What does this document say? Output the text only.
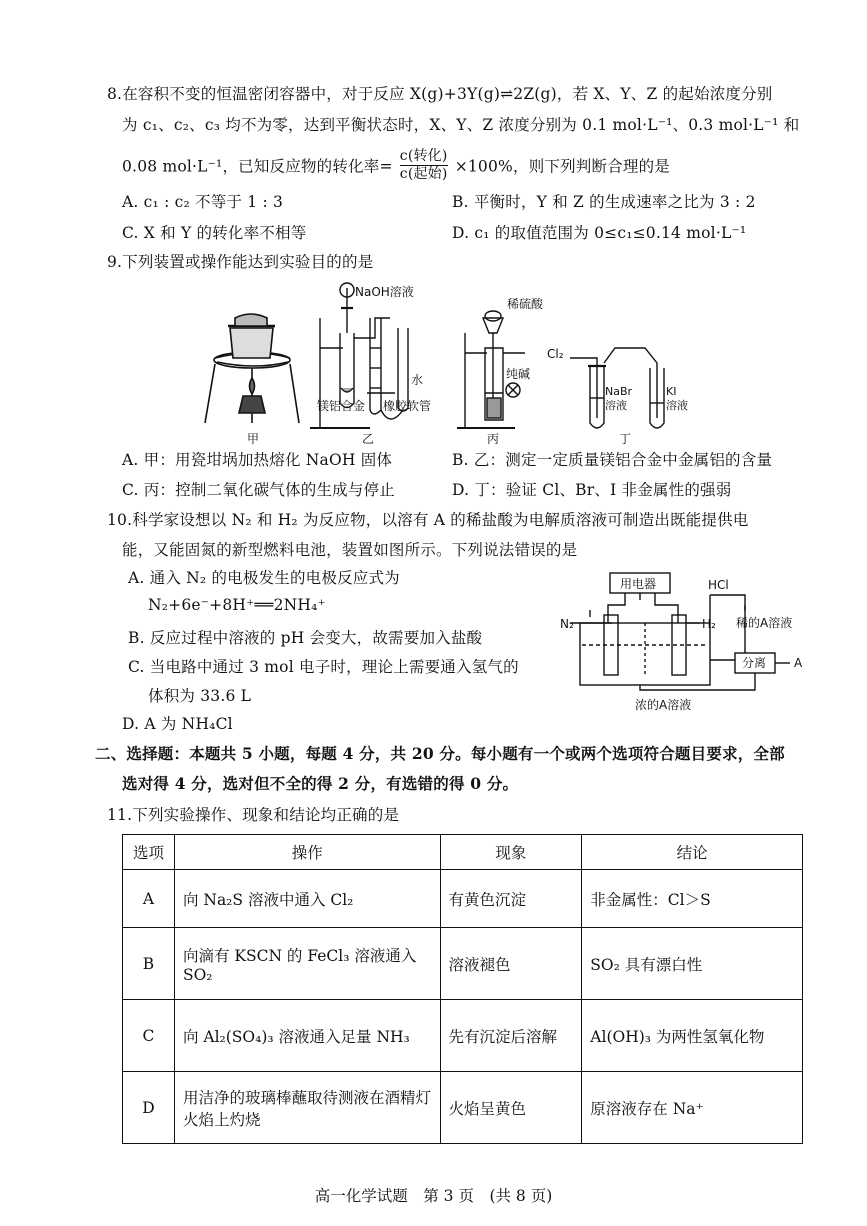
8.在容积不变的恒温密闭容器中，对于反应 X(g)+3Y(g)⇌2Z(g)，若 X、Y、Z 的起始浓度分别
为 c₁、c₂、c₃ 均不为零，达到平衡状态时，X、Y、Z 浓度分别为 0.1 mol·L⁻¹、0.3 mol·L⁻¹ 和
0.08 mol·L⁻¹，已知反应物的转化率=
c(转化)
c(起始) ×100%，则下列判断合理的是
A. c₁ : c₂ 不等于 1 : 3	B. 平衡时，Y 和 Z 的生成速率之比为 3 : 2
C. X 和 Y 的转化率不相等	D. c₁ 的取值范围为 0≤c₁≤0.14 mol·L⁻¹
9.下列装置或操作能达到实验目的的是
甲
NaOH溶液
镁铝合金
水
橡胶软管
乙
稀硫酸
纯碱
丙
Cl₂
NaBr
溶液
KI
溶液
丁
A. 甲：用瓷坩埚加热熔化 NaOH 固体	B. 乙：测定一定质量镁铝合金中金属铝的含量
C. 丙：控制二氧化碳气体的生成与停止	D. 丁：验证 Cl、Br、I 非金属性的强弱
10.科学家设想以 N₂ 和 H₂ 为反应物，以溶有 A 的稀盐酸为电解质溶液可制造出既能提供电
能，又能固氮的新型燃料电池，装置如图所示。下列说法错误的是
A. 通入 N₂ 的电极发生的电极反应式为
N₂+6e⁻+8H⁺══2NH₄⁺
B. 反应过程中溶液的 pH 会变大，故需要加入盐酸
C. 当电路中通过 3 mol 电子时，理论上需要通入氢气的
体积为 33.6 L
D. A 为 NH₄Cl
用电器	HCl
N₂	H₂ 稀的A溶液
分离 A
浓的A溶液
二、选择题：本题共 5 小题，每题 4 分，共 20 分。每小题有一个或两个选项符合题目要求，全部
选对得 4 分，选对但不全的得 2 分，有选错的得 0 分。
11.下列实验操作、现象和结论均正确的是
选项	操作	现象	结论
A	向 Na₂S 溶液中通入 Cl₂	有黄色沉淀	非金属性：Cl＞S
B	向滴有 KSCN 的 FeCl₃ 溶液通入 SO₂	溶液褪色	SO₂ 具有漂白性
C	向 Al₂(SO₄)₃ 溶液通入足量 NH₃	先有沉淀后溶解	Al(OH)₃ 为两性氢氧化物
D	用洁净的玻璃棒蘸取待测液在酒精灯火焰上灼烧	火焰呈黄色	原溶液存在 Na⁺
高一化学试题　第 3 页　(共 8 页)
